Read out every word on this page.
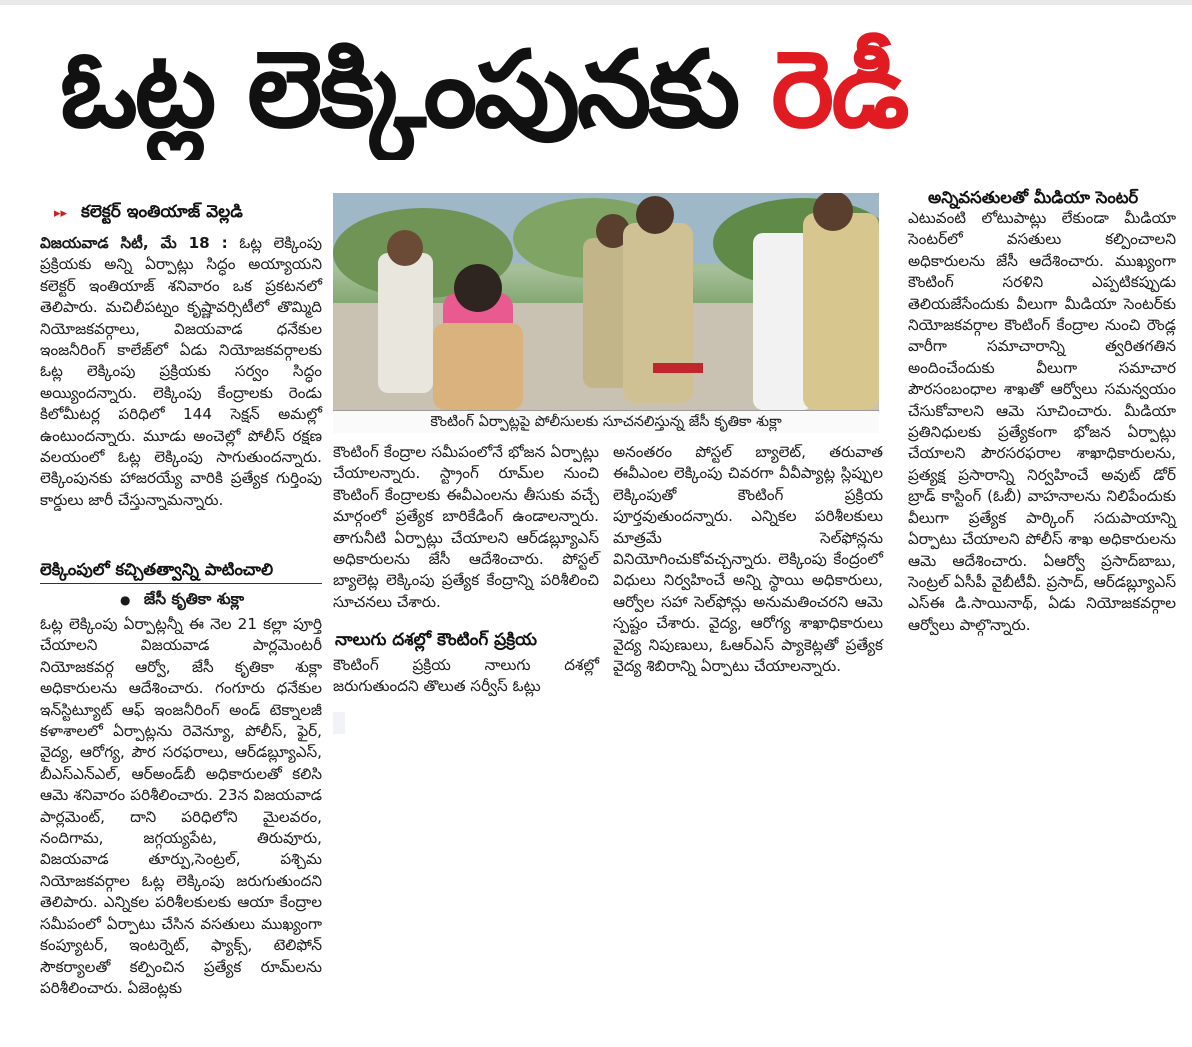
ఓట్ల లెక్కింపునకు రెడీ
▸▸ కలెక్టర్ ఇంతియాజ్ వెల్లడి

విజయవాడ సిటీ, మే 18 : ఓట్ల లెక్కింపు ప్రక్రియకు అన్ని ఏర్పాట్లు సిద్ధం అయ్యాయని కలెక్టర్ ఇంతియాజ్ శనివారం ఒక ప్రకటనలో తెలిపారు. మచిలీపట్నం కృష్ణావర్సిటీలో తొమ్మిది నియోజకవర్గాలు, విజయవాడ ధనేకుల ఇంజనీరింగ్ కాలేజ్‌లో ఏడు నియోజకవర్గాలకు ఓట్ల లెక్కింపు ప్రక్రియకు సర్వం సిద్ధం అయ్యిందన్నారు. లెక్కింపు కేంద్రాలకు రెండు కిలోమీటర్ల పరిధిలో 144 సెక్షన్ అమల్లో ఉంటుందన్నారు. మూడు అంచెల్లో పోలీస్ రక్షణ వలయంలో ఓట్ల లెక్కింపు సాగుతుందన్నారు. లెక్కింపునకు హాజరయ్యే వారికి ప్రత్యేక గుర్తింపు కార్డులు జారీ చేస్తున్నామన్నారు.

లెక్కింపులో కచ్చితత్వాన్ని పాటించాలి
● జేసీ కృతికా శుక్లా

ఓట్ల లెక్కింపు ఏర్పాట్లన్నీ ఈ నెల 21 కల్లా పూర్తి చేయాలని విజయవాడ పార్లమెంటరీ నియోజకవర్గ ఆర్వో, జేసీ కృతికా శుక్లా అధికారులను ఆదేశించారు. గంగూరు ధనేకుల ఇన్‌స్టిట్యూట్ ఆఫ్ ఇంజనీరింగ్ అండ్ టెక్నాలజీ కళాశాలలో ఏర్పాట్లను రెవెన్యూ, పోలీస్, ఫైర్, వైద్య, ఆరోగ్య, పౌర సరఫరాలు, ఆర్‌డబ్ల్యూఎస్, బీఎస్ఎన్ఎల్, ఆర్అండ్‌బీ అధికారులతో కలిసి ఆమె శనివారం పరిశీలించారు. 23న విజయవాడ పార్లమెంట్, దాని పరిధిలోని మైలవరం, నందిగామ, జగ్గయ్యపేట, తిరువూరు, విజయవాడ తూర్పు,సెంట్రల్, పశ్చిమ నియోజకవర్గాల ఓట్ల లెక్కింపు జరుగుతుందని తెలిపారు. ఎన్నికల పరిశీలకులకు ఆయా కేంద్రాల సమీపంలో ఏర్పాటు చేసిన వసతులు ముఖ్యంగా కంప్యూటర్, ఇంటర్నెట్, ఫ్యాక్స్, టెలిఫోన్ సౌకర్యాలతో కల్పించిన ప్రత్యేక రూమ్‌లను పరిశీలించారు. ఏజెంట్లకు

కౌంటింగ్ ఏర్పాట్లపై పోలీసులకు సూచనలిస్తున్న జేసీ కృతికా శుక్లా

కౌంటింగ్ కేంద్రాల సమీపంలోనే భోజన ఏర్పాట్లు చేయాలన్నారు. స్ట్రాంగ్ రూమ్‌ల నుంచి కౌంటింగ్ కేంద్రాలకు ఈవీఎంలను తీసుకు వచ్చే మార్గంలో ప్రత్యేక బారికేడింగ్ ఉండాలన్నారు. తాగునీటి ఏర్పాట్లు చేయాలని ఆర్‌డబ్ల్యూఎస్ అధికారులను జేసీ ఆదేశించారు. పోస్టల్ బ్యాలెట్ల లెక్కింపు ప్రత్యేక కేంద్రాన్ని పరిశీలించి సూచనలు చేశారు.

నాలుగు దశల్లో కౌంటింగ్ ప్రక్రియ

కౌంటింగ్ ప్రక్రియ నాలుగు దశల్లో జరుగుతుందని తొలుత సర్వీస్ ఓట్లు

అనంతరం పోస్టల్ బ్యాలెట్, తరువాత ఈవీఎంల లెక్కింపు చివరగా వీవీప్యాట్ల స్లిప్పుల లెక్కింపుతో కౌంటింగ్ ప్రక్రియ పూర్తవుతుందన్నారు. ఎన్నికల పరిశీలకులు మాత్రమే సెల్‌ఫోన్లను వినియోగించుకోవచ్చన్నారు. లెక్కింపు కేంద్రంలో విధులు నిర్వహించే అన్ని స్థాయి అధికారులు, ఆర్వోల సహా సెల్‌ఫోన్లు అనుమతించరని ఆమె స్పష్టం చేశారు. వైద్య, ఆరోగ్య శాఖాధికారులు వైద్య నిపుణులు, ఓఆర్ఎస్ ప్యాకెట్లతో ప్రత్యేక వైద్య శిబిరాన్ని ఏర్పాటు చేయాలన్నారు.

అన్నివసతులతో మీడియా సెంటర్

ఎటువంటి లోటుపాట్లు లేకుండా మీడియా సెంటర్‌లో వసతులు కల్పించాలని అధికారులను జేసీ ఆదేశించారు. ముఖ్యంగా కౌంటింగ్ సరళిని ఎప్పటికప్పుడు తెలియజేసేందుకు వీలుగా మీడియా సెంటర్‌కు నియోజకవర్గాల కౌంటింగ్ కేంద్రాల నుంచి రౌండ్ల వారీగా సమాచారాన్ని త్వరితగతిన అందించేందుకు వీలుగా సమాచార పౌరసంబంధాల శాఖతో ఆర్వోలు సమన్వయం చేసుకోవాలని ఆమె సూచించారు. మీడియా ప్రతినిధులకు ప్రత్యేకంగా భోజన ఏర్పాట్లు చేయాలని పౌరసరఫరాల శాఖాధికారులను, ప్రత్యక్ష ప్రసారాన్ని నిర్వహించే అవుట్ డోర్ బ్రాడ్ కాస్టింగ్ (ఓబీ) వాహనాలను నిలిపేందుకు వీలుగా ప్రత్యేక పార్కింగ్ సదుపాయాన్ని ఏర్పాటు చేయాలని పోలీస్ శాఖ అధికారులను ఆమె ఆదేశించారు. ఏఆర్వో ప్రసాద్‌బాబు, సెంట్రల్ ఏసీపీ వైబీటీవీ. ప్రసాద్, ఆర్‌డబ్ల్యూఎస్ ఎస్ఈ డి.సాయినాథ్, ఏడు నియోజకవర్గాల ఆర్వోలు పాల్గొన్నారు.
